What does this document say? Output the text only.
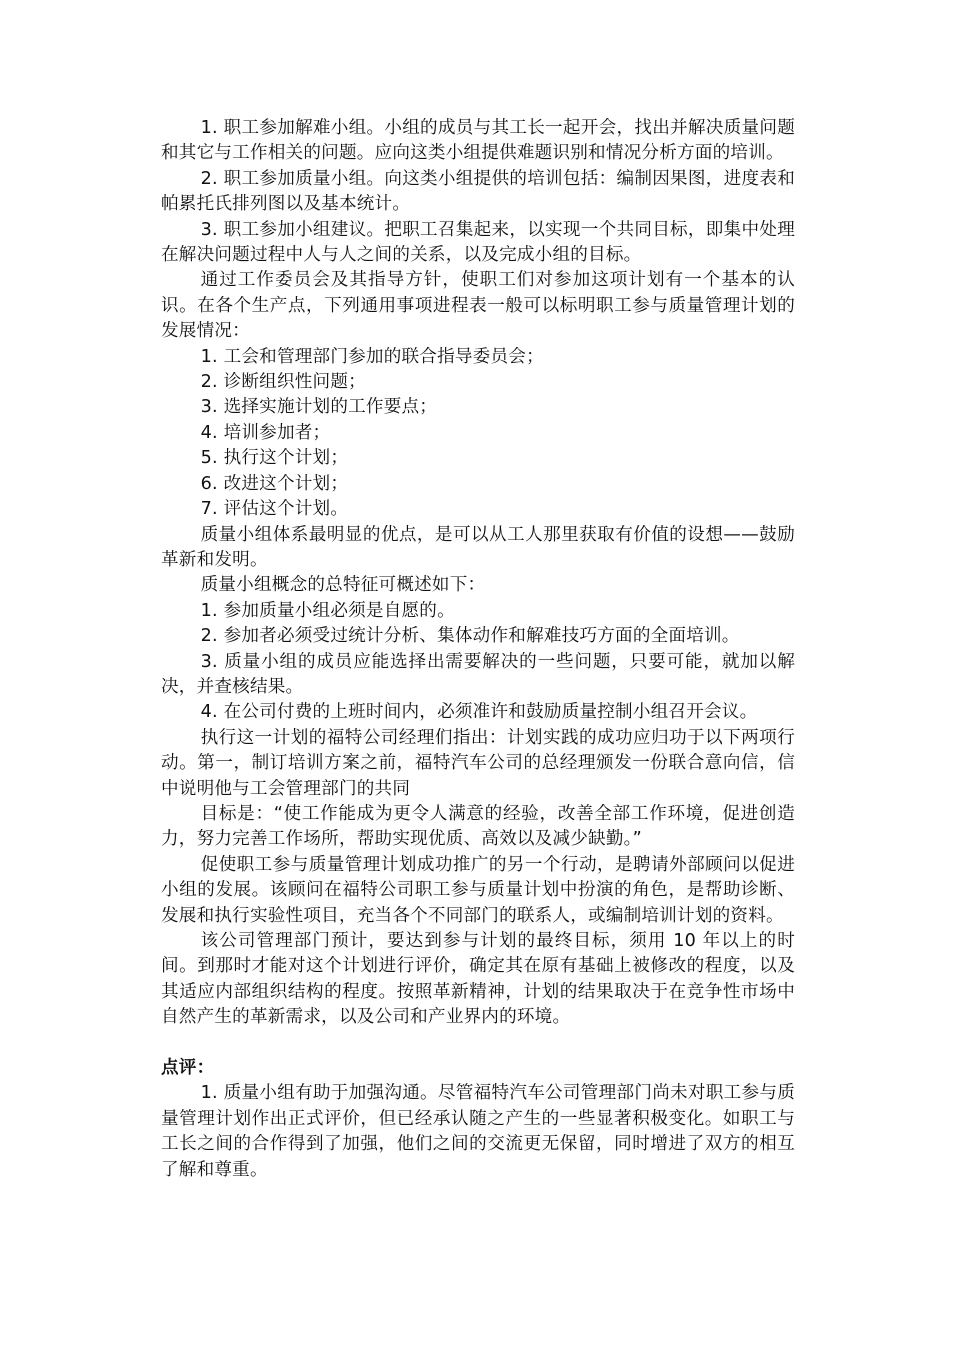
1. 职工参加解难小组。小组的成员与其工长一起开会，找出并解决质量问题和其它与工作相关的问题。应向这类小组提供难题识别和情况分析方面的培训。

2. 职工参加质量小组。向这类小组提供的培训包括：编制因果图，进度表和帕累托氏排列图以及基本统计。

3. 职工参加小组建议。把职工召集起来，以实现一个共同目标，即集中处理在解决问题过程中人与人之间的关系，以及完成小组的目标。

通过工作委员会及其指导方针，使职工们对参加这项计划有一个基本的认识。在各个生产点，下列通用事项进程表一般可以标明职工参与质量管理计划的发展情况：

1. 工会和管理部门参加的联合指导委员会；

2. 诊断组织性问题；

3. 选择实施计划的工作要点；

4. 培训参加者；

5. 执行这个计划；

6. 改进这个计划；

7. 评估这个计划。

质量小组体系最明显的优点，是可以从工人那里获取有价值的设想——鼓励革新和发明。

质量小组概念的总特征可概述如下：

1. 参加质量小组必须是自愿的。

2. 参加者必须受过统计分析、集体动作和解难技巧方面的全面培训。

3. 质量小组的成员应能选择出需要解决的一些问题，只要可能，就加以解决，并查核结果。

4. 在公司付费的上班时间内，必须准许和鼓励质量控制小组召开会议。

执行这一计划的福特公司经理们指出：计划实践的成功应归功于以下两项行动。第一，制订培训方案之前，福特汽车公司的总经理颁发一份联合意向信，信中说明他与工会管理部门的共同

目标是：“使工作能成为更令人满意的经验，改善全部工作环境，促进创造力，努力完善工作场所，帮助实现优质、高效以及减少缺勤。”

促使职工参与质量管理计划成功推广的另一个行动，是聘请外部顾问以促进小组的发展。该顾问在福特公司职工参与质量计划中扮演的角色，是帮助诊断、发展和执行实验性项目，充当各个不同部门的联系人，或编制培训计划的资料。

该公司管理部门预计，要达到参与计划的最终目标，须用 10 年以上的时间。到那时才能对这个计划进行评价，确定其在原有基础上被修改的程度，以及其适应内部组织结构的程度。按照革新精神，计划的结果取决于在竞争性市场中自然产生的革新需求，以及公司和产业界内的环境。

点评：

1. 质量小组有助于加强沟通。尽管福特汽车公司管理部门尚未对职工参与质量管理计划作出正式评价，但已经承认随之产生的一些显著积极变化。如职工与工长之间的合作得到了加强，他们之间的交流更无保留，同时增进了双方的相互了解和尊重。
